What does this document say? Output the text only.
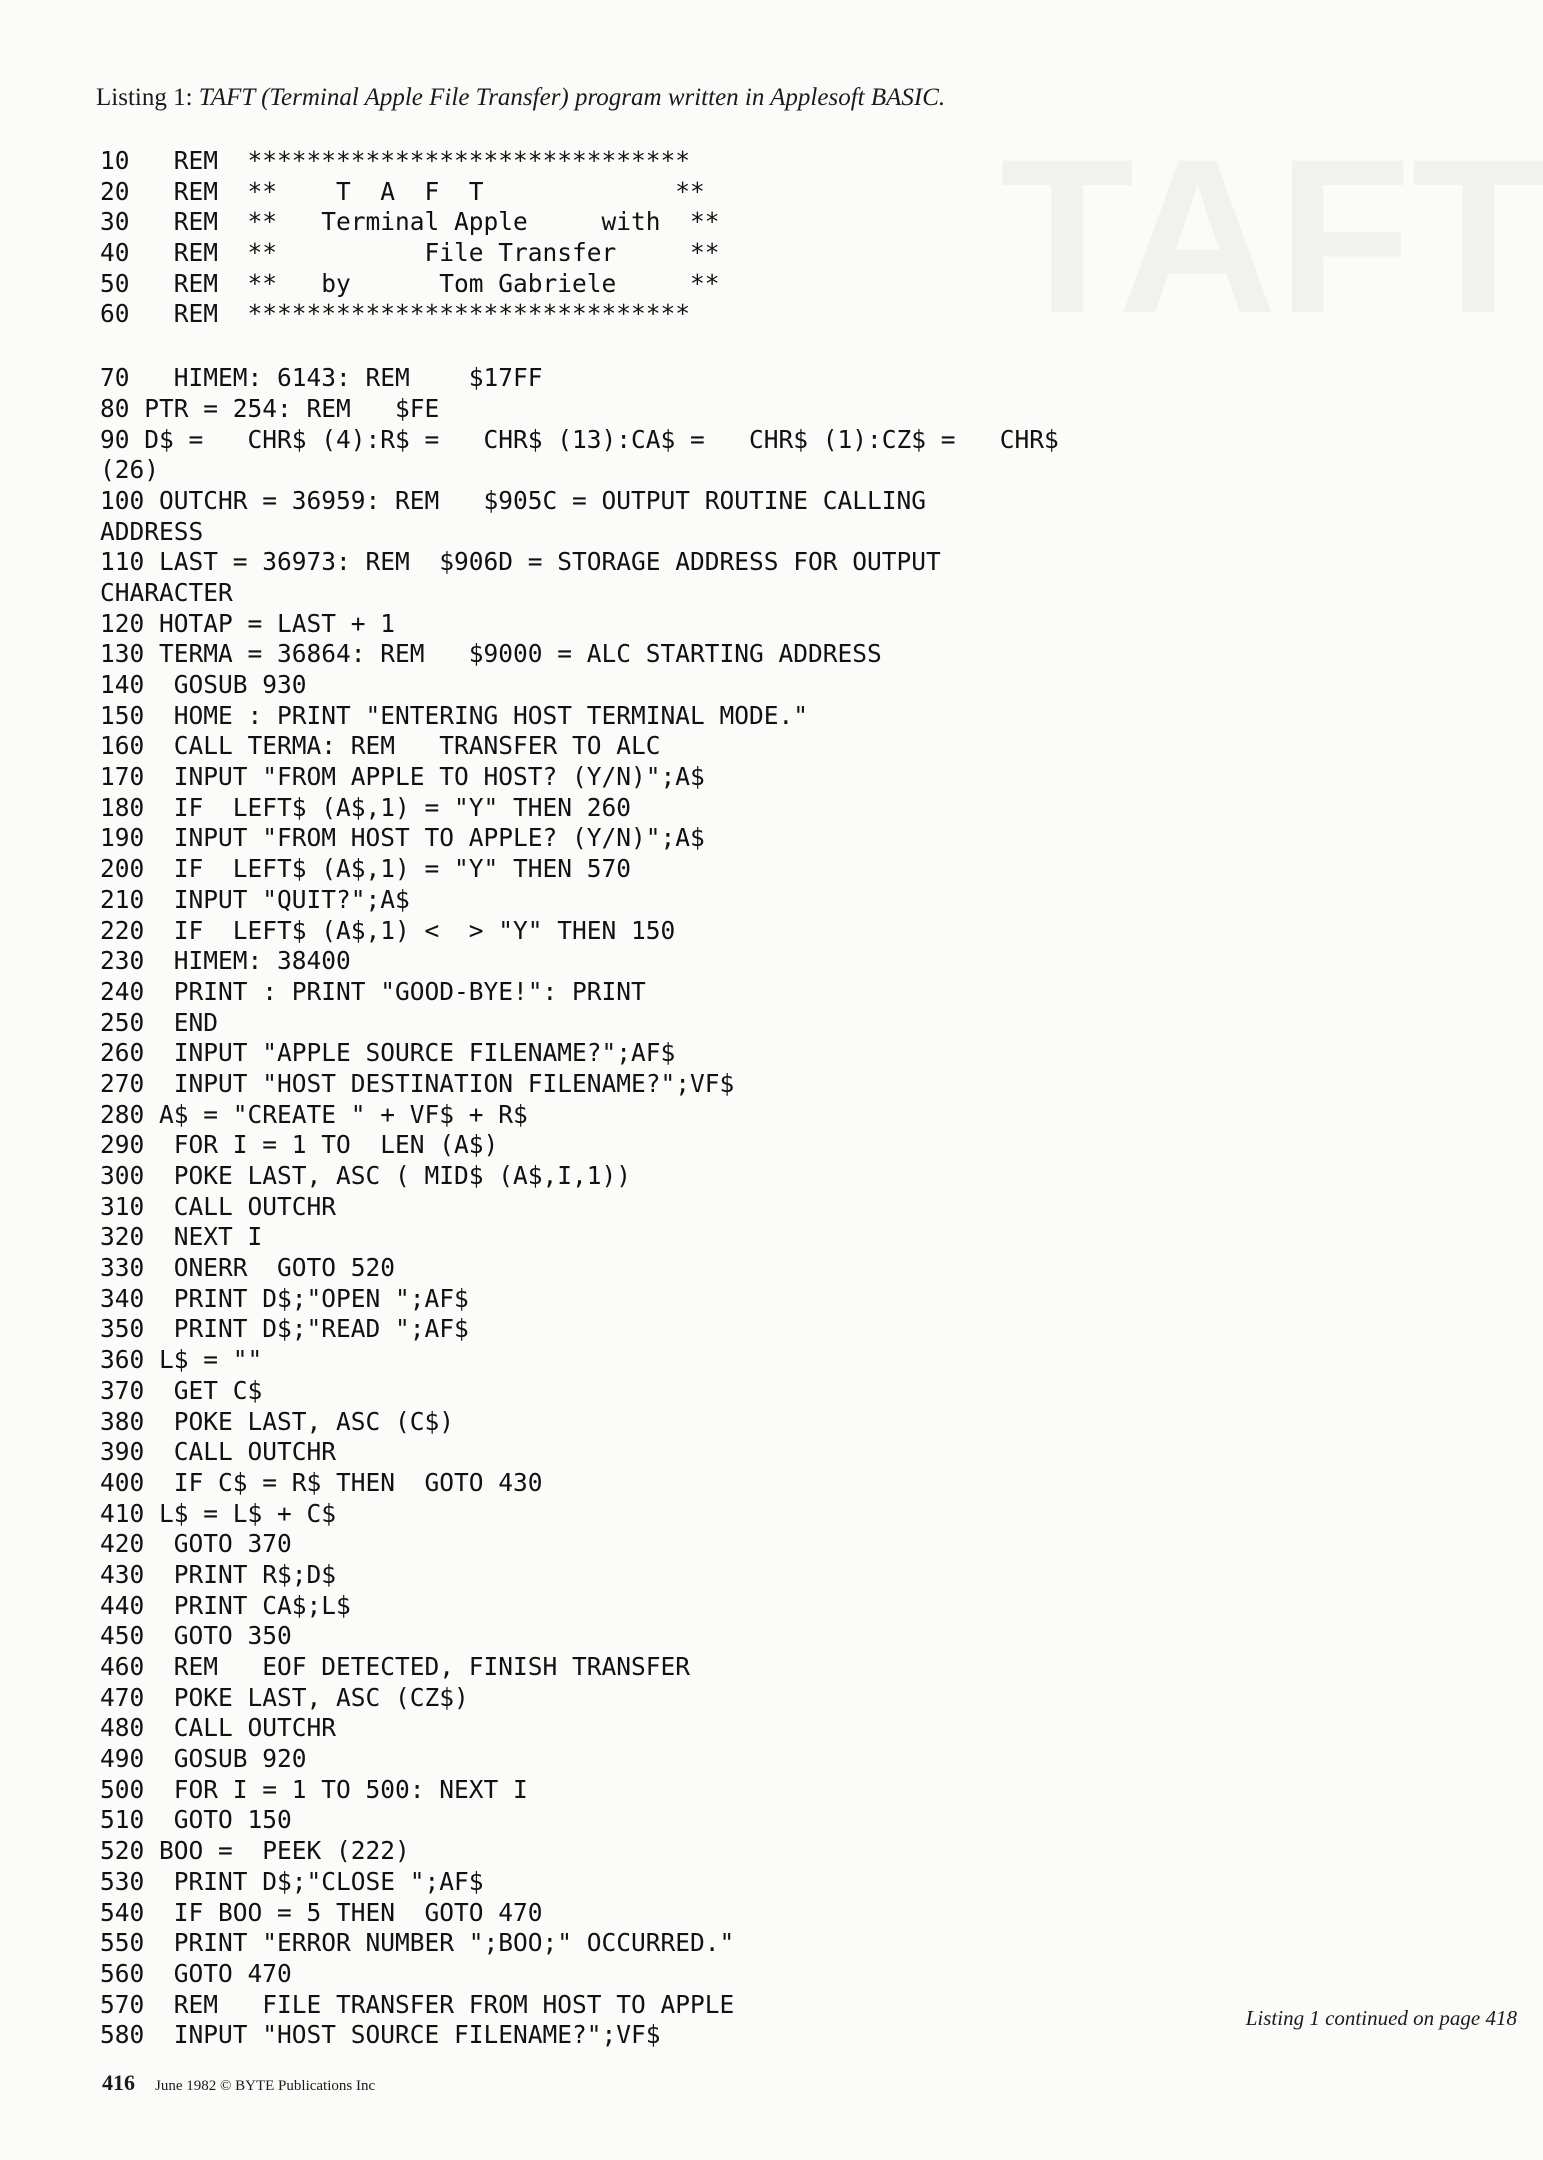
Listing 1: TAFT (Terminal Apple File Transfer) program written in Applesoft BASIC.
10   REM  ******************************
20   REM  **    T  A  F  T             **
30   REM  **   Terminal Apple     with  **
40   REM  **          File Transfer     **
50   REM  **   by      Tom Gabriele     **
60   REM  ******************************
70   HIMEM: 6143: REM    $17FF
80 PTR = 254: REM   $FE
90 D$ =   CHR$ (4):R$ =   CHR$ (13):CA$ =   CHR$ (1):CZ$ =   CHR$
(26)
100 OUTCHR = 36959: REM   $905C = OUTPUT ROUTINE CALLING
ADDRESS
110 LAST = 36973: REM  $906D = STORAGE ADDRESS FOR OUTPUT
CHARACTER
120 HOTAP = LAST + 1
130 TERMA = 36864: REM   $9000 = ALC STARTING ADDRESS
140  GOSUB 930
150  HOME : PRINT "ENTERING HOST TERMINAL MODE."
160  CALL TERMA: REM   TRANSFER TO ALC
170  INPUT "FROM APPLE TO HOST? (Y/N)";A$
180  IF  LEFT$ (A$,1) = "Y" THEN 260
190  INPUT "FROM HOST TO APPLE? (Y/N)";A$
200  IF  LEFT$ (A$,1) = "Y" THEN 570
210  INPUT "QUIT?";A$
220  IF  LEFT$ (A$,1) <  > "Y" THEN 150
230  HIMEM: 38400
240  PRINT : PRINT "GOOD-BYE!": PRINT
250  END
260  INPUT "APPLE SOURCE FILENAME?";AF$
270  INPUT "HOST DESTINATION FILENAME?";VF$
280 A$ = "CREATE " + VF$ + R$
290  FOR I = 1 TO  LEN (A$)
300  POKE LAST, ASC ( MID$ (A$,I,1))
310  CALL OUTCHR
320  NEXT I
330  ONERR  GOTO 520
340  PRINT D$;"OPEN ";AF$
350  PRINT D$;"READ ";AF$
360 L$ = ""
370  GET C$
380  POKE LAST, ASC (C$)
390  CALL OUTCHR
400  IF C$ = R$ THEN  GOTO 430
410 L$ = L$ + C$
420  GOTO 370
430  PRINT R$;D$
440  PRINT CA$;L$
450  GOTO 350
460  REM   EOF DETECTED, FINISH TRANSFER
470  POKE LAST, ASC (CZ$)
480  CALL OUTCHR
490  GOSUB 920
500  FOR I = 1 TO 500: NEXT I
510  GOTO 150
520 BOO =  PEEK (222)
530  PRINT D$;"CLOSE ";AF$
540  IF BOO = 5 THEN  GOTO 470
550  PRINT "ERROR NUMBER ";BOO;" OCCURRED."
560  GOTO 470
570  REM   FILE TRANSFER FROM HOST TO APPLE
580  INPUT "HOST SOURCE FILENAME?";VF$
Listing 1 continued on page 418
416 June 1982 © BYTE Publications Inc
